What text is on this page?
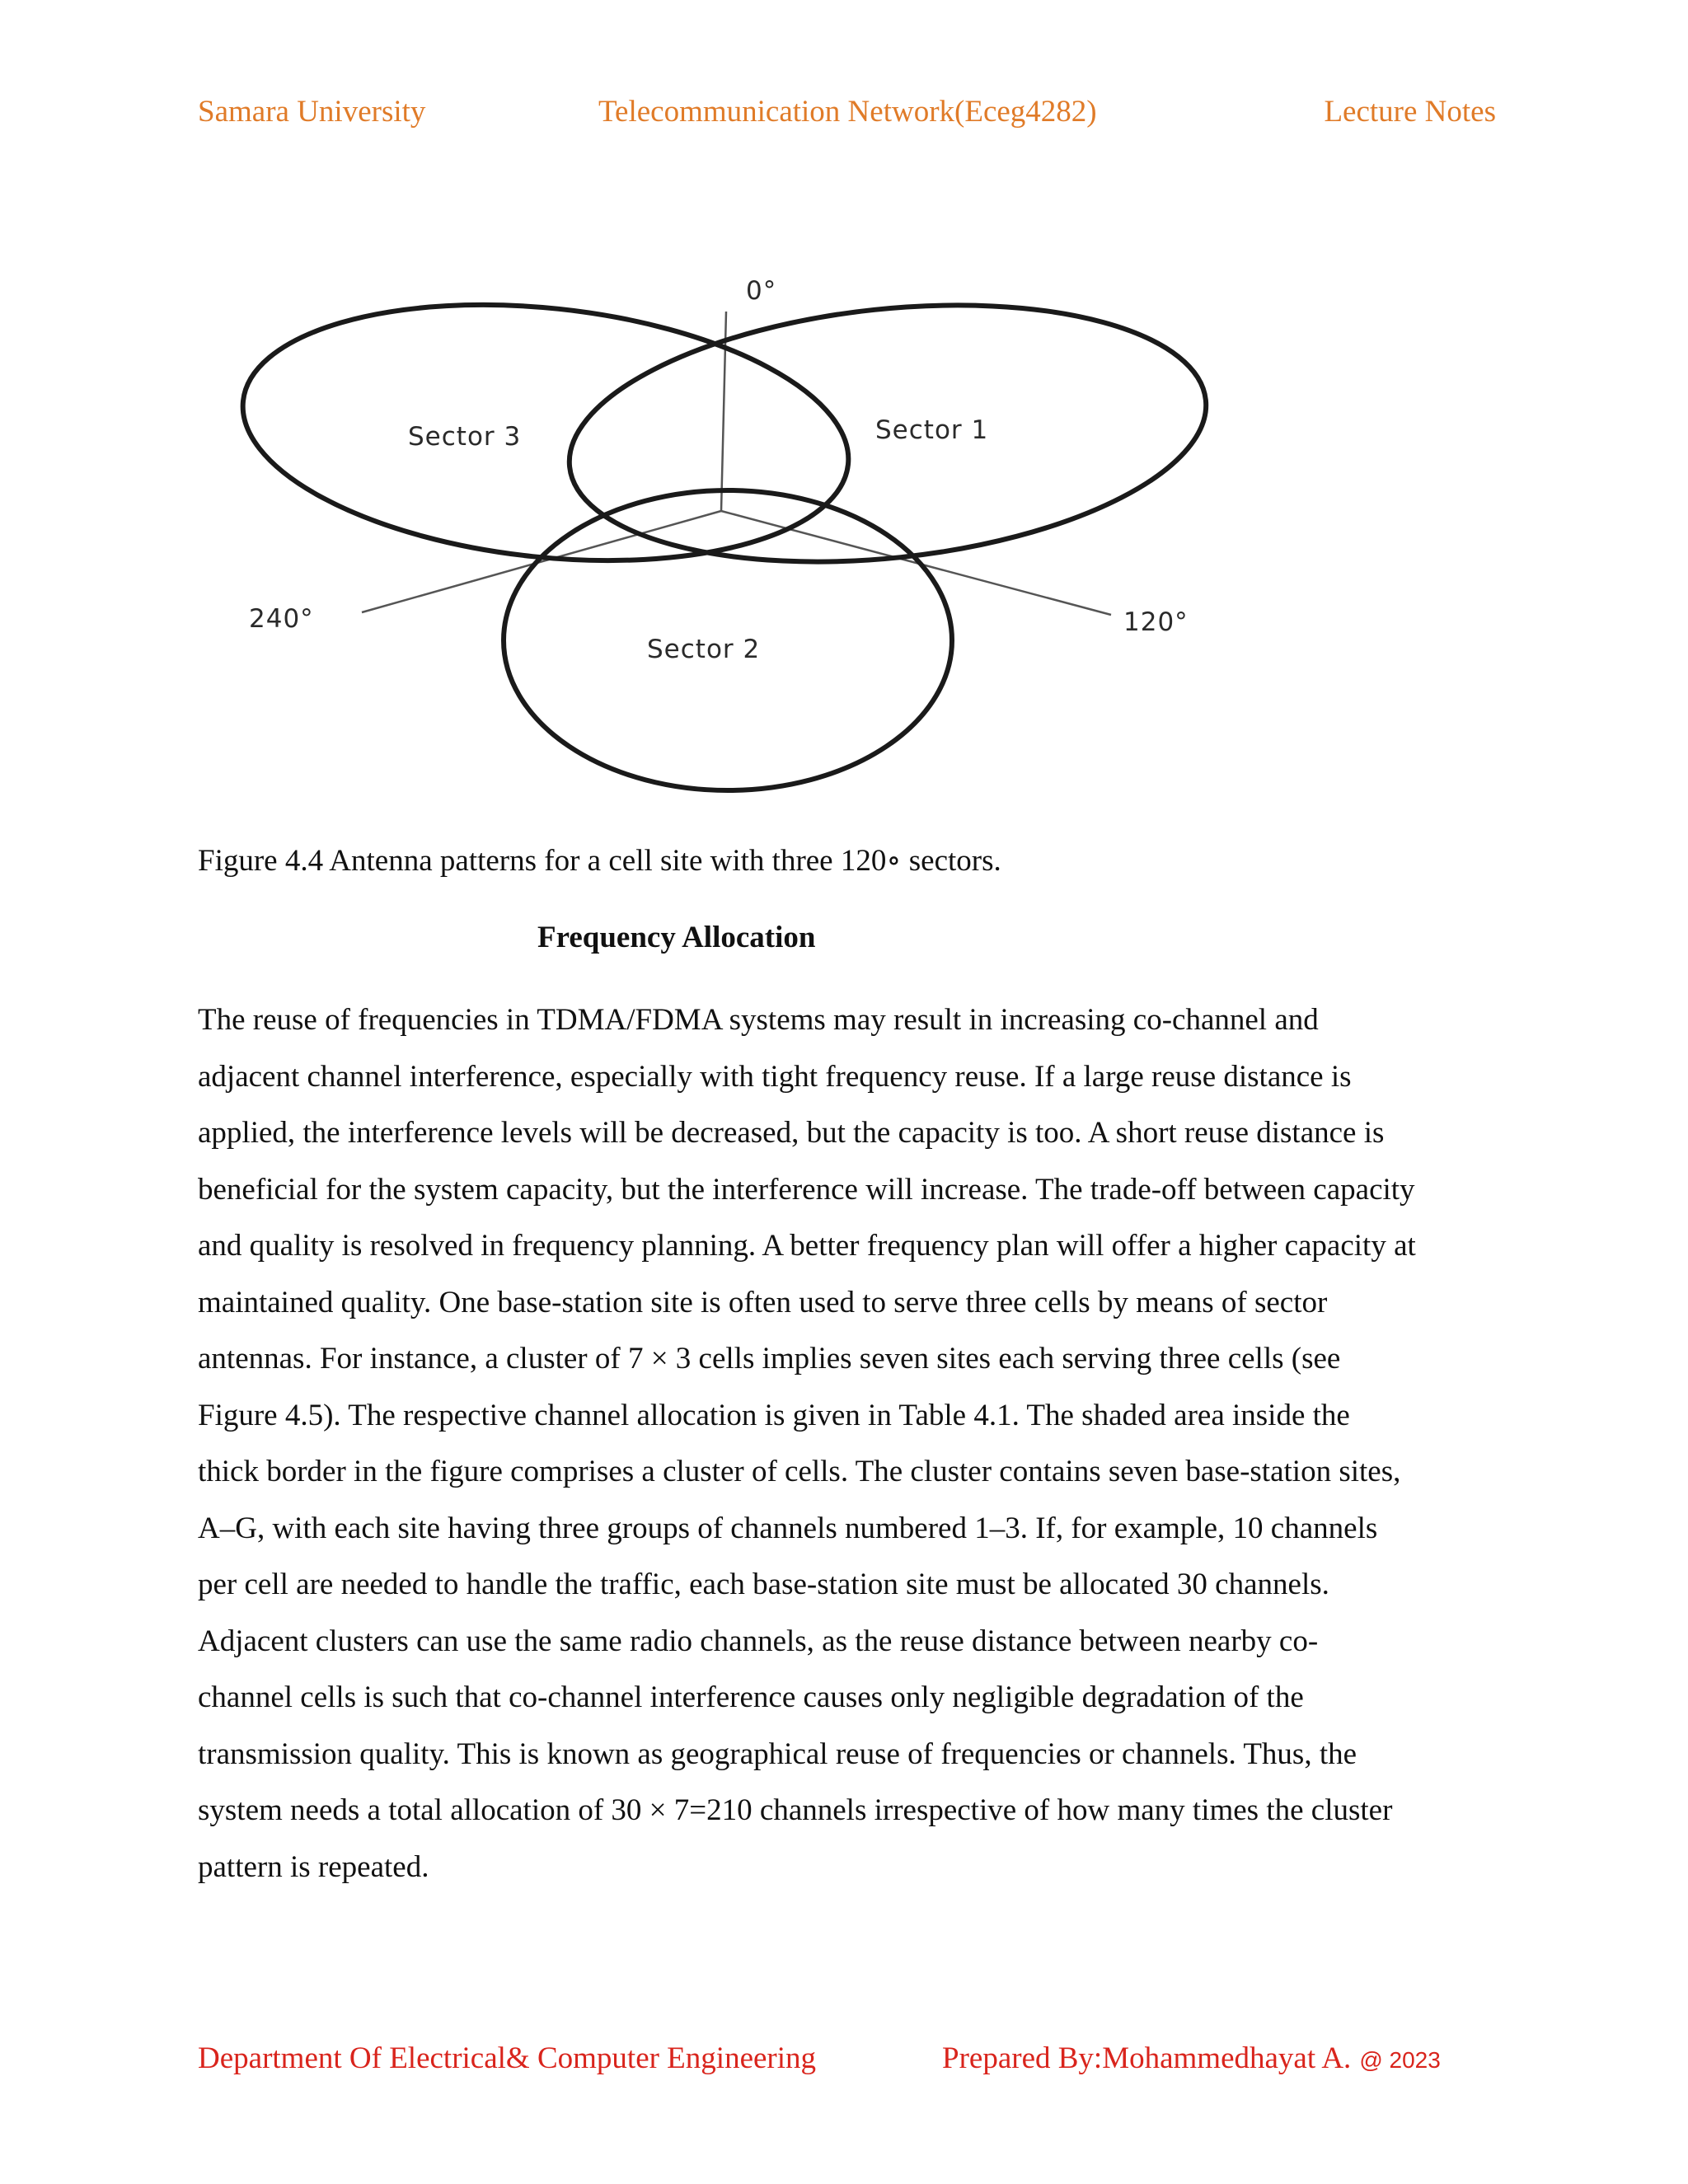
Samara University	Telecommunication Network(Eceg4282)	Lecture Notes
0°
120°
240°
Sector 1
Sector 3
Sector 2
Figure 4.4 Antenna patterns for a cell site with three 120∘ sectors.
Frequency Allocation
The reuse of frequencies in TDMA/FDMA systems may result in increasing co-channel and
adjacent channel interference, especially with tight frequency reuse. If a large reuse distance is
applied, the interference levels will be decreased, but the capacity is too. A short reuse distance is
beneficial for the system capacity, but the interference will increase. The trade-off between capacity
and quality is resolved in frequency planning. A better frequency plan will offer a higher capacity at
maintained quality. One base-station site is often used to serve three cells by means of sector
antennas. For instance, a cluster of 7 × 3 cells implies seven sites each serving three cells (see
Figure 4.5). The respective channel allocation is given in Table 4.1. The shaded area inside the
thick border in the figure comprises a cluster of cells. The cluster contains seven base-station sites,
A–G, with each site having three groups of channels numbered 1–3. If, for example, 10 channels
per cell are needed to handle the traffic, each base-station site must be allocated 30 channels.
Adjacent clusters can use the same radio channels, as the reuse distance between nearby co-
channel cells is such that co-channel interference causes only negligible degradation of the
transmission quality. This is known as geographical reuse of frequencies or channels. Thus, the
system needs a total allocation of 30 × 7=210 channels irrespective of how many times the cluster
pattern is repeated.
Department Of Electrical& Computer Engineering	Prepared By:Mohammedhayat A. @ 2023
